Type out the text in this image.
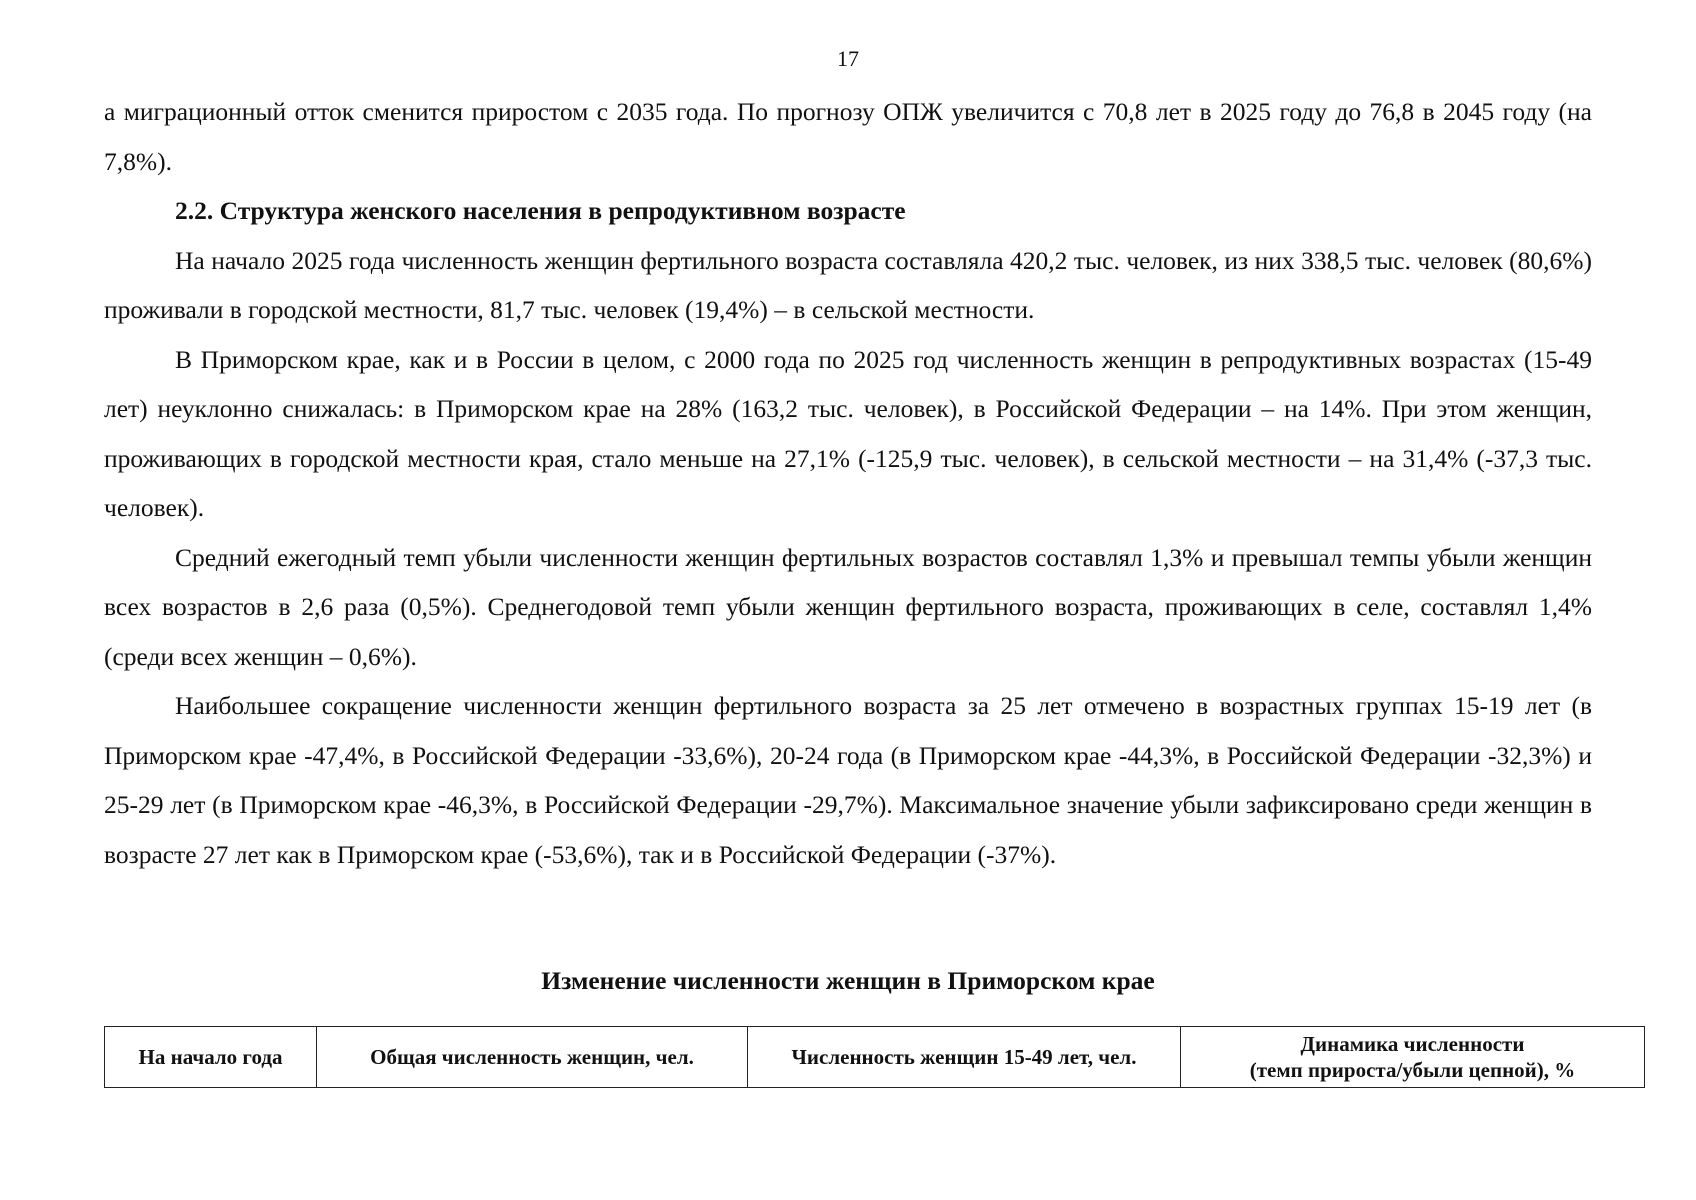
17

а миграционный отток сменится приростом с 2035 года. По прогнозу ОПЖ увеличится с 70,8 лет в 2025 году до 76,8 в 2045 году (на 7,8%).

2.2. Структура женского населения в репродуктивном возрасте

На начало 2025 года численность женщин фертильного возраста составляла 420,2 тыс. человек, из них 338,5 тыс. человек (80,6%) проживали в городской местности, 81,7 тыс. человек (19,4%) – в сельской местности.

В Приморском крае, как и в России в целом, с 2000 года по 2025 год численность женщин в репродуктивных возрастах (15-49 лет) неуклонно снижалась: в Приморском крае на 28% (163,2 тыс. человек), в Российской Федерации – на 14%. При этом женщин, проживающих в городской местности края, стало меньше на 27,1% (-125,9 тыс. человек), в сельской местности – на 31,4% (-37,3 тыс. человек).

Средний ежегодный темп убыли численности женщин фертильных возрастов составлял 1,3% и превышал темпы убыли женщин всех возрастов в 2,6 раза (0,5%). Среднегодовой темп убыли женщин фертильного возраста, проживающих в селе, составлял 1,4% (среди всех женщин – 0,6%).

Наибольшее сокращение численности женщин фертильного возраста за 25 лет отмечено в возрастных группах 15-19 лет (в Приморском крае -47,4%, в Российской Федерации -33,6%), 20-24 года (в Приморском крае -44,3%, в Российской Федерации -32,3%) и 25-29 лет (в Приморском крае -46,3%, в Российской Федерации -29,7%). Максимальное значение убыли зафиксировано среди женщин в возрасте 27 лет как в Приморском крае (-53,6%), так и в Российской Федерации (-37%).

Изменение численности женщин в Приморском крае
На начало года	Общая численность женщин, чел.	Численность женщин 15-49 лет, чел.	Динамика численности
(темп прироста/убыли цепной), %
